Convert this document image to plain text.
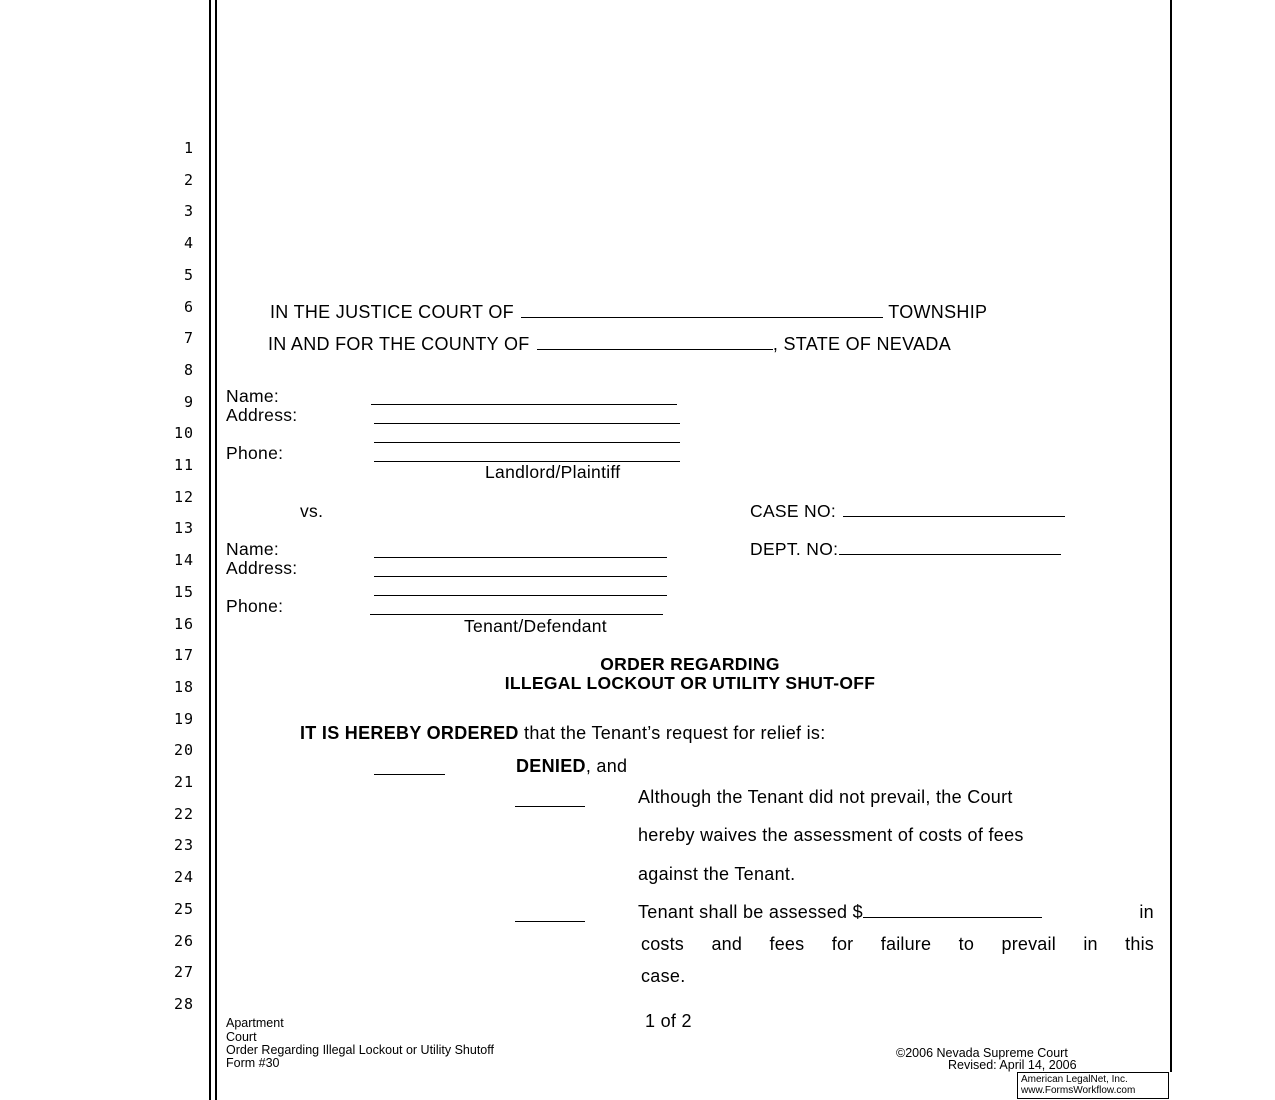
1
2
3
4
5
6
7
8
9
10
11
12
13
14
15
16
17
18
19
20
21
22
23
24
25
26
27
28
IN THE JUSTICE COURT OF	TOWNSHIP
IN AND FOR THE COUNTY OF	, STATE OF NEVADA
Name:
Address:
Phone:
Landlord/Plaintiff
vs.	CASE NO:
DEPT. NO:
Name:
Address:
Phone:
Tenant/Defendant
ORDER REGARDING
ILLEGAL LOCKOUT OR UTILITY SHUT-OFF
IT IS HEREBY ORDERED that the Tenant’s request for relief is:
DENIED, and
Although the Tenant did not prevail, the Court
hereby waives the assessment of costs of fees
against the Tenant.
Tenant shall be assessed $	in
costs and fees for failure to prevail in this
case.
Apartment
Court
Order Regarding Illegal Lockout or Utility Shutoff
Form #30
1 of 2
©2006 Nevada Supreme Court
Revised: April 14, 2006
American LegalNet, Inc.
www.FormsWorkflow.com
